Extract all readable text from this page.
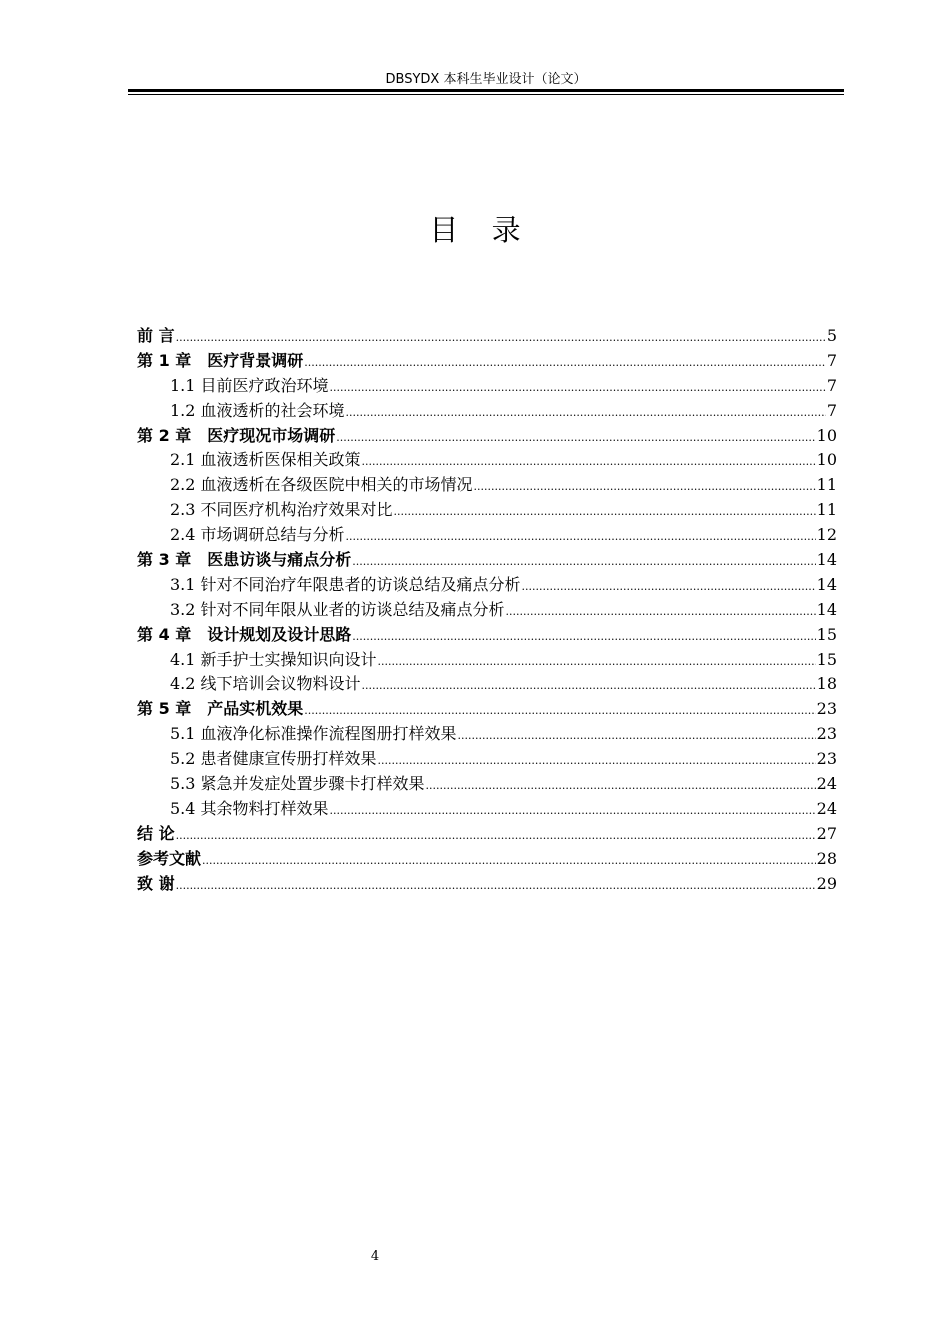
DBSYDX 本科生毕业设计（论文）
目 录
前 言 .....	5
第 1 章　医疗背景调研 .....	7
1.1 目前医疗政治环境 .....	7
1.2 血液透析的社会环境 .....	7
第 2 章　医疗现况市场调研 .....	10
2.1 血液透析医保相关政策 .....	10
2.2 血液透析在各级医院中相关的市场情况 .....	11
2.3 不同医疗机构治疗效果对比 .....	11
2.4 市场调研总结与分析 .....	12
第 3 章　医患访谈与痛点分析 .....	14
3.1 针对不同治疗年限患者的访谈总结及痛点分析 .....	14
3.2 针对不同年限从业者的访谈总结及痛点分析 .....	14
第 4 章　设计规划及设计思路 .....	15
4.1 新手护士实操知识向设计 .....	15
4.2 线下培训会议物料设计 .....	18
第 5 章　产品实机效果 .....	23
5.1 血液净化标准操作流程图册打样效果 .....	23
5.2 患者健康宣传册打样效果 .....	23
5.3 紧急并发症处置步骤卡打样效果 .....	24
5.4 其余物料打样效果 .....	24
结 论 .....	27
参考文献 .....	28
致 谢 .....	29
4
